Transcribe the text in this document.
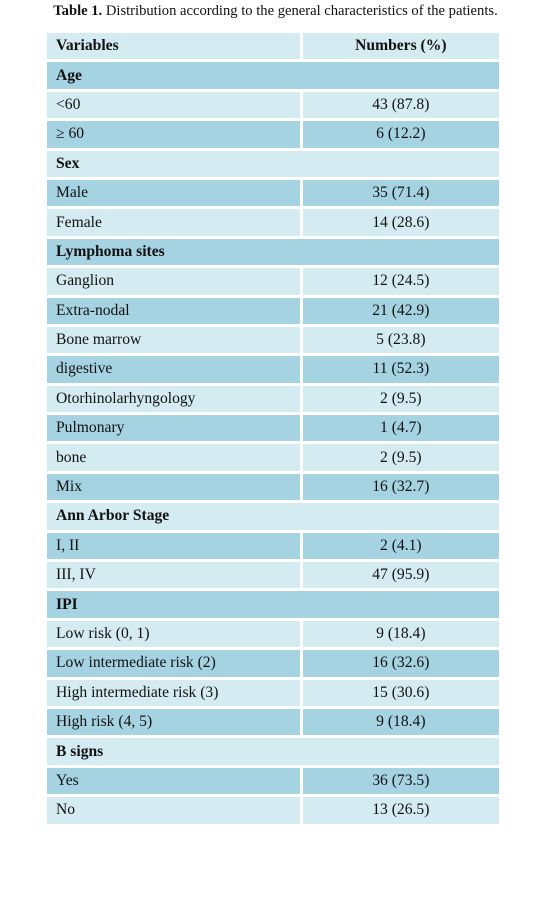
Table 1. Distribution according to the general characteristics of the patients.
Variables	Numbers (%)
Age	
<60	43 (87.8)
≥ 60	6 (12.2)
Sex	
Male	35 (71.4)
Female	14 (28.6)
Lymphoma sites	
Ganglion	12 (24.5)
Extra-nodal	21 (42.9)
Bone marrow	5 (23.8)
digestive	11 (52.3)
Otorhinolarhyngology	2 (9.5)
Pulmonary	1 (4.7)
bone	2 (9.5)
Mix	16 (32.7)
Ann Arbor Stage	
I, II	2 (4.1)
III, IV	47 (95.9)
IPI	
Low risk (0, 1)	9 (18.4)
Low intermediate risk (2)	16 (32.6)
High intermediate risk (3)	15 (30.6)
High risk (4, 5)	9 (18.4)
B signs	
Yes	36 (73.5)
No	13 (26.5)
